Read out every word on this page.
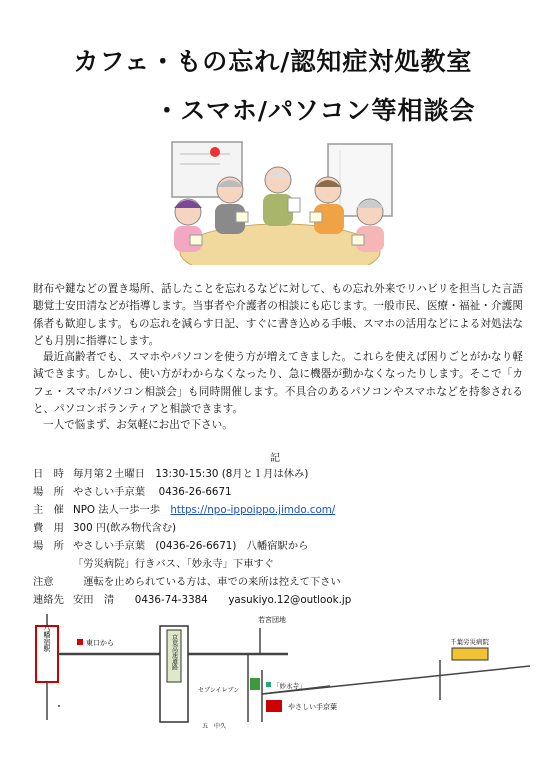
カフェ・もの忘れ/認知症対処教室
・スマホ/パソコン等相談会
財布や鍵などの置き場所、話したことを忘れるなどに対して、もの忘れ外来でリハビリを担当した言語聴覚士安田清などが指導します。当事者や介護者の相談にも応じます。一般市民、医療・福祉・介護関係者も歓迎します。もの忘れを減らす日記、すぐに書き込める手帳、スマホの活用などによる対処法なども月別に指導にします。
最近高齢者でも、スマホやパソコンを使う方が増えてきました。これらを使えば困りごとがかなり軽減できます。しかし、使い方がわからなくなったり、急に機器が動かなくなったりします。そこで「カフェ・スマホ/パソコン相談会」も同時開催します。不具合のあるパソコンやスマホなどを持参されると、パソコンボランティアと相談できます。
一人で悩まず、お気軽にお出で下さい。
記
日　時 毎月第２土曜日　13:30-15:30 (8月と１月は休み)
場　所 やさしい手京葉　 0436-26-6671
主　催 NPO 法人一歩一歩　 https://npo-ippoippo.jimdo.com/
費　用 300 円(飲み物代含む)
場　所 やさしい手京葉　(0436-26-6671)　八幡宿駅から
「労災病院」行きバス、「妙永寺」下車すぐ
注意　運転を止められている方は、車での来所は控えて下さい
連絡先 安田　清　　0436-74-3384　　yasukiyo.12@outlook.jp
八幡宿駅	東口から	京葉高速道路
若宮団地
セブンイレブン
「妙永寺」
やさしい手京葉
千葉労災病院
五　中久
